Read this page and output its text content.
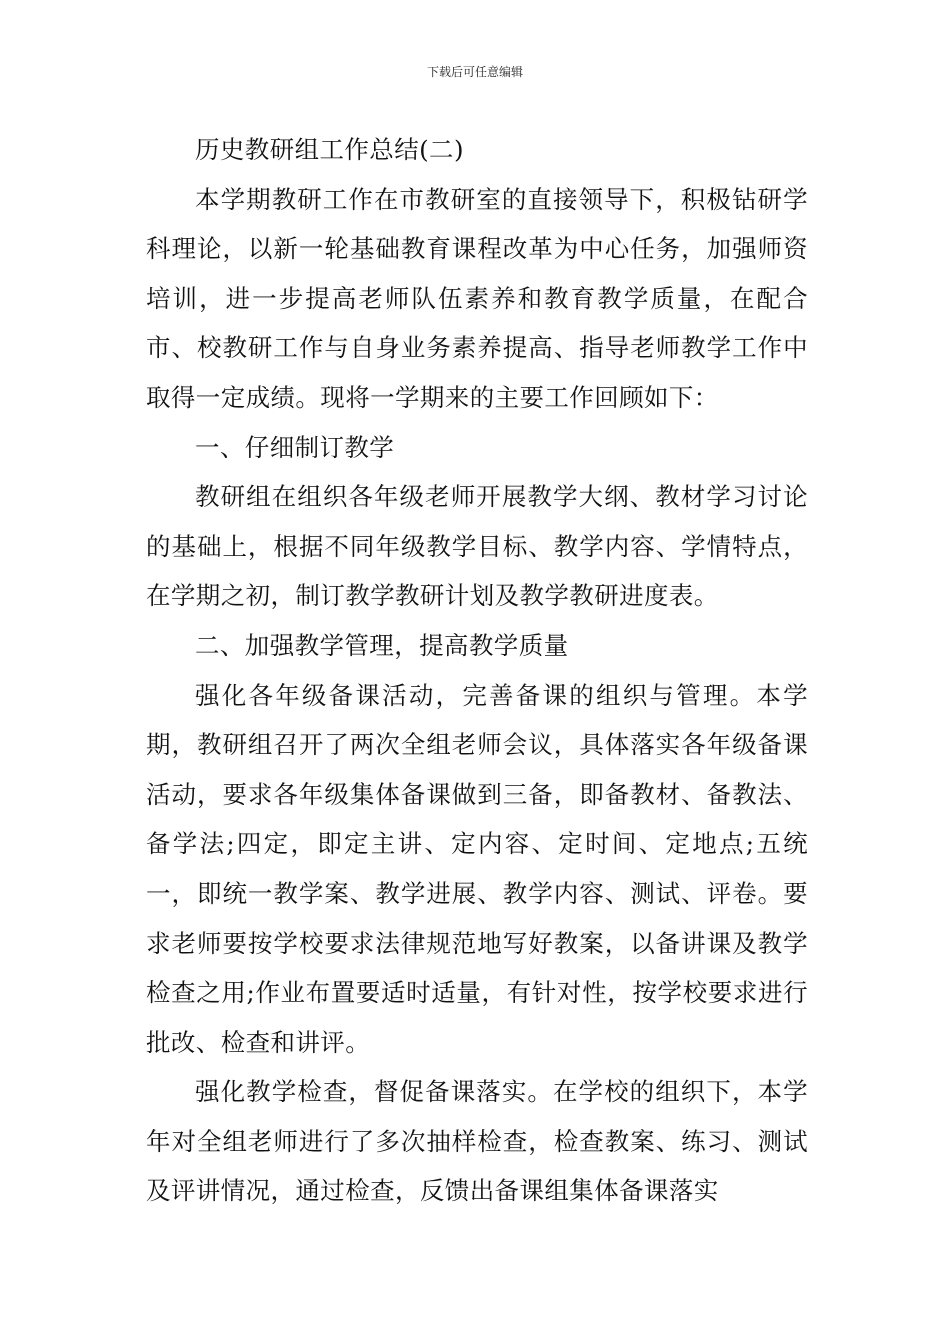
下载后可任意编辑

历史教研组工作总结(二)

本学期教研工作在市教研室的直接领导下，积极钻研学科理论，以新一轮基础教育课程改革为中心任务，加强师资培训，进一步提高老师队伍素养和教育教学质量，在配合市、校教研工作与自身业务素养提高、指导老师教学工作中取得一定成绩。现将一学期来的主要工作回顾如下：

一、仔细制订教学

教研组在组织各年级老师开展教学大纲、教材学习讨论的基础上，根据不同年级教学目标、教学内容、学情特点，在学期之初，制订教学教研计划及教学教研进度表。

二、加强教学管理，提高教学质量

强化各年级备课活动，完善备课的组织与管理。本学期，教研组召开了两次全组老师会议，具体落实各年级备课活动，要求各年级集体备课做到三备，即备教材、备教法、备学法;四定，即定主讲、定内容、定时间、定地点;五统一，即统一教学案、教学进展、教学内容、测试、评卷。要求老师要按学校要求法律规范地写好教案，以备讲课及教学检查之用;作业布置要适时适量，有针对性，按学校要求进行批改、检查和讲评。

强化教学检查，督促备课落实。在学校的组织下，本学年对全组老师进行了多次抽样检查，检查教案、练习、测试及评讲情况，通过检查，反馈出备课组集体备课落实
